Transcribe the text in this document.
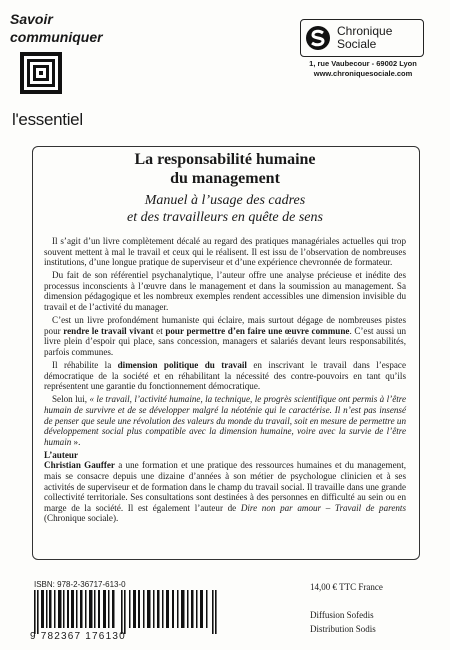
Savoir
communiquer
l'essentiel
Chronique
Sociale
1, rue Vaubecour - 69002 Lyon
www.chroniquesociale.com
La responsabilité humaine
du management
Manuel à l’usage des cadres
et des travailleurs en quête de sens

Il s’agit d’un livre complètement décalé au regard des pratiques managériales actuelles qui trop souvent mettent à mal le travail et ceux qui le réalisent. Il est issu de l’observation de nombreuses institutions, d’une longue pratique de superviseur et d’une expérience chevronnée de formateur.

Du fait de son référentiel psychanalytique, l’auteur offre une analyse précieuse et inédite des processus inconscients à l’œuvre dans le management et dans la soumission au management. Sa dimension pédagogique et les nombreux exemples rendent accessibles une dimension invisible du travail et de l’activité du manager.

C’est un livre profondément humaniste qui éclaire, mais surtout dégage de nombreuses pistes pour rendre le travail vivant et pour permettre d’en faire une œuvre commune. C’est aussi un livre plein d’espoir qui place, sans concession, managers et salariés devant leurs responsabilités, parfois communes.

Il réhabilite la dimension politique du travail en inscrivant le travail dans l’espace démocratique de la société et en réhabilitant la nécessité des contre-pouvoirs en tant qu’ils représentent une garantie du fonctionnement démocratique.

Selon lui, « le travail, l’activité humaine, la technique, le progrès scientifique ont permis à l’être humain de survivre et de se développer malgré la néoténie qui le caractérise. Il n’est pas insensé de penser que seule une révolution des valeurs du monde du travail, soit en mesure de permettre un développement social plus compatible avec la dimension humaine, voire avec la survie de l’être humain ».

L’auteur

Christian Gauffer a une formation et une pratique des ressources humaines et du management, mais se consacre depuis une dizaine d’années à son métier de psychologue clinicien et à ses activités de superviseur et de formation dans le champ du travail social. Il travaille dans une grande collectivité territoriale. Ses consultations sont destinées à des personnes en difficulté au sein ou en marge de la société. Il est également l’auteur de Dire non par amour – Travail de parents (Chronique sociale).

ISBN: 978-2-36717-613-0
9 782367 176130
14,00 € TTC France
Diffusion Sofedis
Distribution Sodis
